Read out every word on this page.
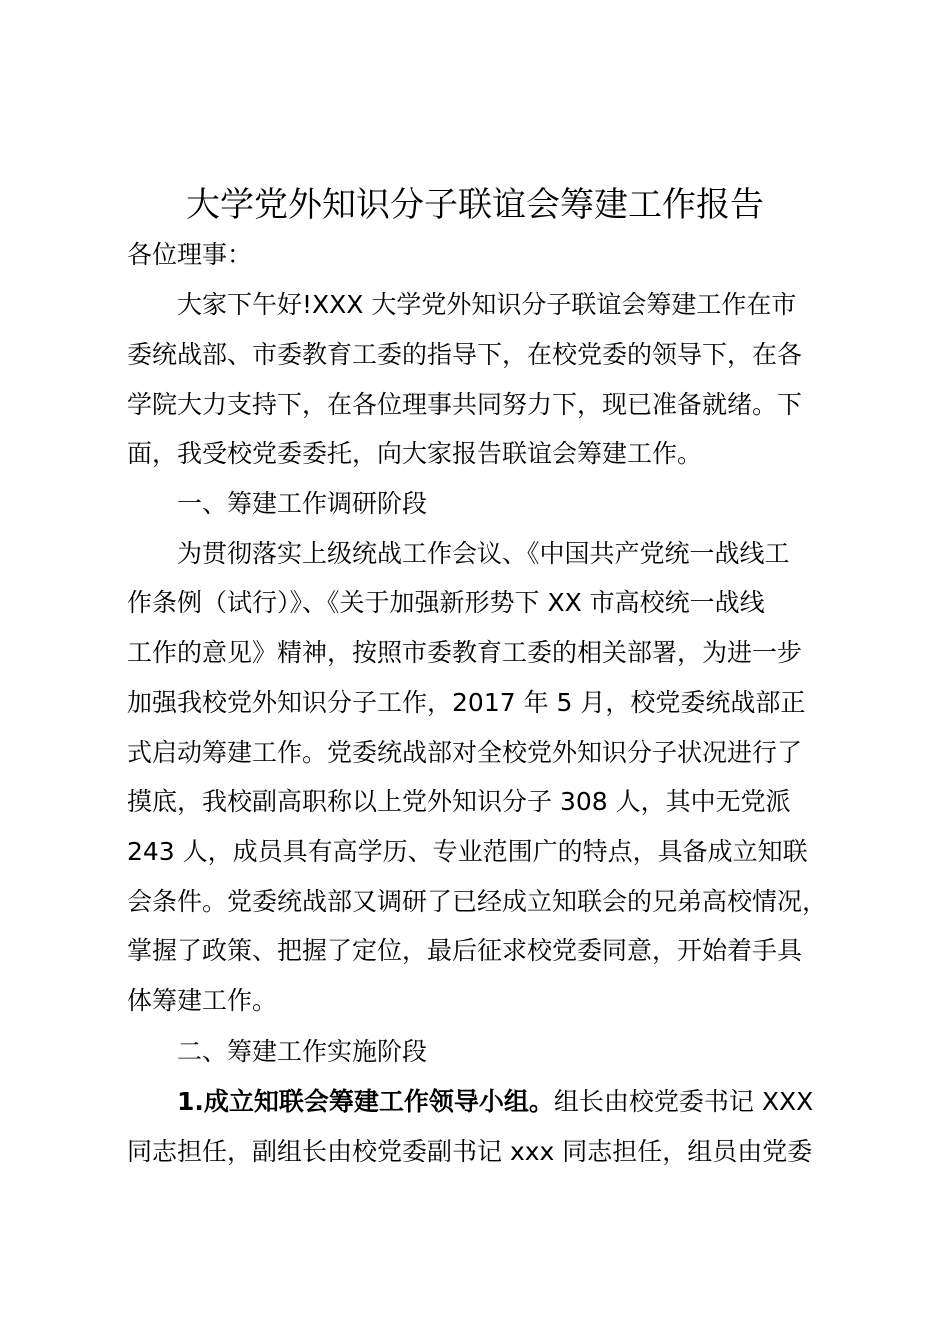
大学党外知识分子联谊会筹建工作报告
各位理事：
大家下午好!XXX 大学党外知识分子联谊会筹建工作在市
委统战部、市委教育工委的指导下，在校党委的领导下，在各
学院大力支持下，在各位理事共同努力下，现已准备就绪。下
面，我受校党委委托，向大家报告联谊会筹建工作。
一、筹建工作调研阶段
为贯彻落实上级统战工作会议、《中国共产党统一战线工
作条例（试行）》、《关于加强新形势下 XX 市高校统一战线
工作的意见》精神，按照市委教育工委的相关部署，为进一步
加强我校党外知识分子工作，2017 年 5 月，校党委统战部正
式启动筹建工作。党委统战部对全校党外知识分子状况进行了
摸底，我校副高职称以上党外知识分子 308 人，其中无党派
243 人，成员具有高学历、专业范围广的特点，具备成立知联
会条件。党委统战部又调研了已经成立知联会的兄弟高校情况，
掌握了政策、把握了定位，最后征求校党委同意，开始着手具
体筹建工作。
二、筹建工作实施阶段
1.成立知联会筹建工作领导小组。组长由校党委书记 XXX
同志担任，副组长由校党委副书记 xxx 同志担任，组员由党委
